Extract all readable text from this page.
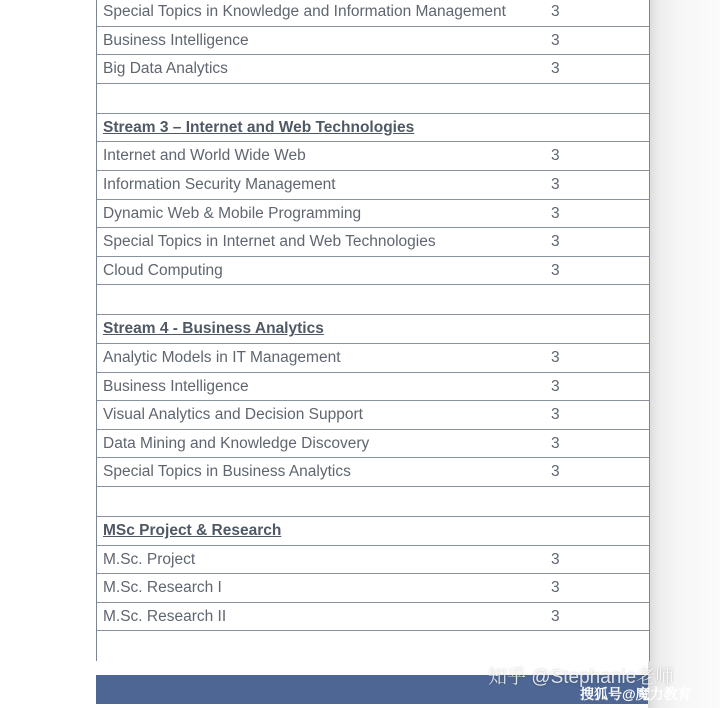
Special Topics in Knowledge and Information Management	3
Business Intelligence	3
Big Data Analytics	3
Stream 3 – Internet and Web Technologies
Internet and World Wide Web	3
Information Security Management	3
Dynamic Web & Mobile Programming	3
Special Topics in Internet and Web Technologies	3
Cloud Computing	3
Stream 4 - Business Analytics
Analytic Models in IT Management	3
Business Intelligence	3
Visual Analytics and Decision Support	3
Data Mining and Knowledge Discovery	3
Special Topics in Business Analytics	3
MSc Project & Research
M.Sc. Project	3
M.Sc. Research I	3
M.Sc. Research II	3
知乎 @Stephanie老师
搜狐号@魔力教育
